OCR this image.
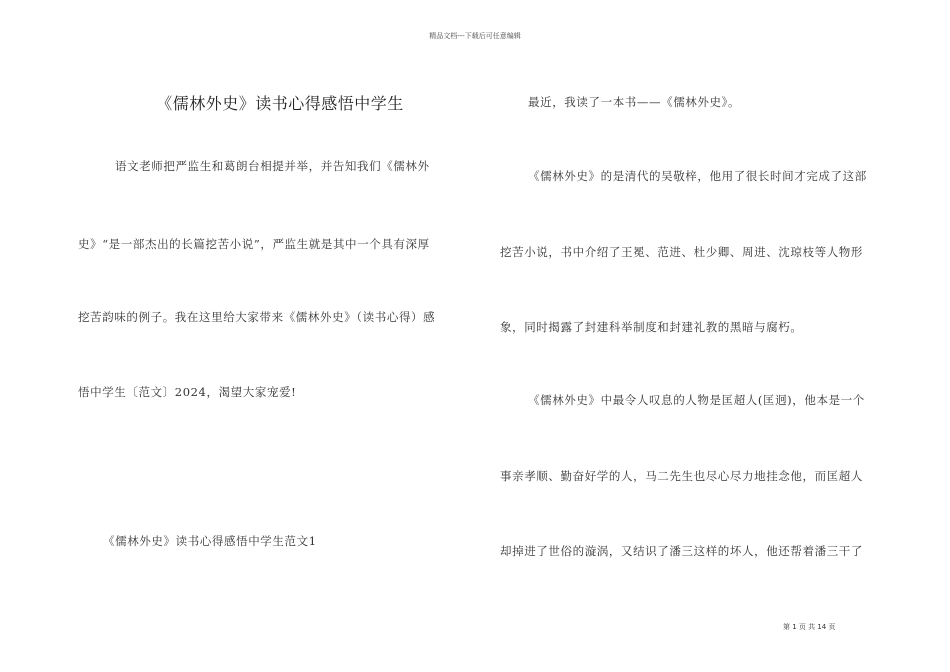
精品文档---下载后可任意编辑
《儒林外史》读书心得感悟中学生
语文老师把严监生和葛朗台相提并举，并告知我们《儒林外
史》“是一部杰出的长篇挖苦小说”，严监生就是其中一个具有深厚
挖苦韵味的例子。我在这里给大家带来《儒林外史》（读书心得）感
悟中学生〔范文〕2024，渴望大家宠爱!
《儒林外史》读书心得感悟中学生范文1
最近，我读了一本书——《儒林外史》。
《儒林外史》的是清代的吴敬梓，他用了很长时间才完成了这部
挖苦小说，书中介绍了王冕、范进、杜少卿、周进、沈琼枝等人物形
象，同时揭露了封建科举制度和封建礼教的黑暗与腐朽。
《儒林外史》中最令人叹息的人物是匡超人(匡迥)，他本是一个
事亲孝顺、勤奋好学的人，马二先生也尽心尽力地挂念他，而匡超人
却掉进了世俗的漩涡，又结识了潘三这样的坏人，他还帮着潘三干了
第 1 页 共 14 页
